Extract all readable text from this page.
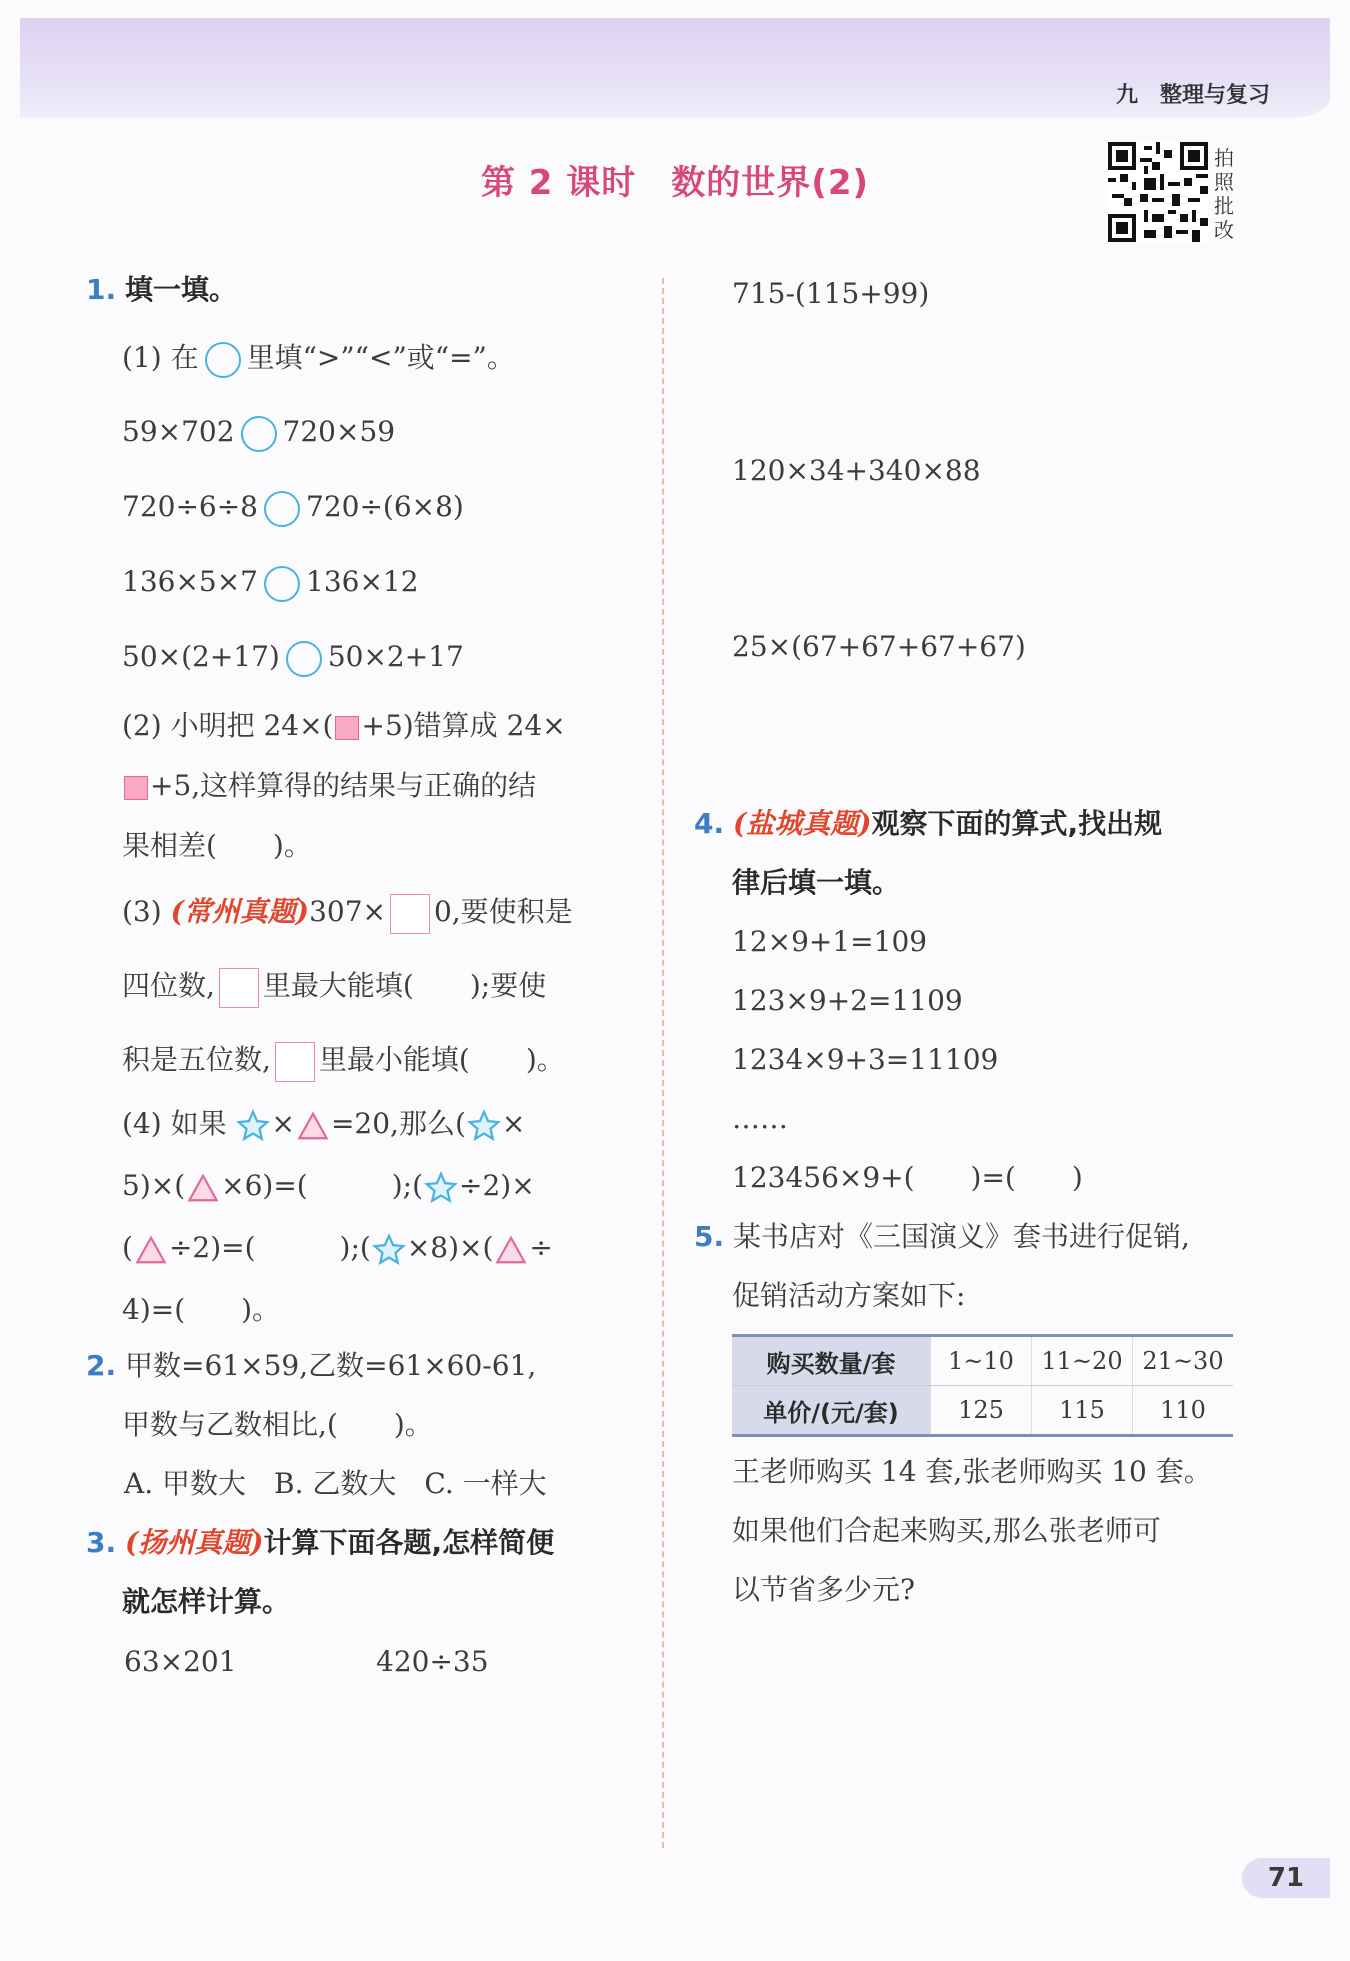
九　整理与复习
第 2 课时　数的世界(2)
拍照批改
1. 填一填。
(1) 在 里填“>”“<”或“=”。
59×702 720×59
720÷6÷8 720÷(6×8)
136×5×7 136×12
50×(2+17) 50×2+17
(2) 小明把 24×( +5)错算成 24×
+5,这样算得的结果与正确的结
果相差(　　)。
(3) (常州真题)307× 0,要使积是
四位数, 里最大能填(　　);要使
积是五位数, 里最小能填(　　)。
(4) 如果 × =20,那么( ×
5)×( ×6)=(　　　);( ÷2)×
( ÷2)=(　　　);( ×8)×( ÷
4)=(　　)。
2. 甲数=61×59,乙数=61×60-61,
甲数与乙数相比,(　　)。
A. 甲数大　B. 乙数大　C. 一样大
3. (扬州真题)计算下面各题,怎样简便
就怎样计算。
63×201	420÷35
715-(115+99)
120×34+340×88
25×(67+67+67+67)
4. (盐城真题)观察下面的算式,找出规
律后填一填。
12×9+1=109
123×9+2=1109
1234×9+3=11109
……
123456×9+(　　)=(　　)
5. 某书店对《三国演义》套书进行促销,
促销活动方案如下:
购买数量/套	1~10	11~20	21~30
单价/(元/套)	125	115	110
王老师购买 14 套,张老师购买 10 套。
如果他们合起来购买,那么张老师可
以节省多少元?
71
